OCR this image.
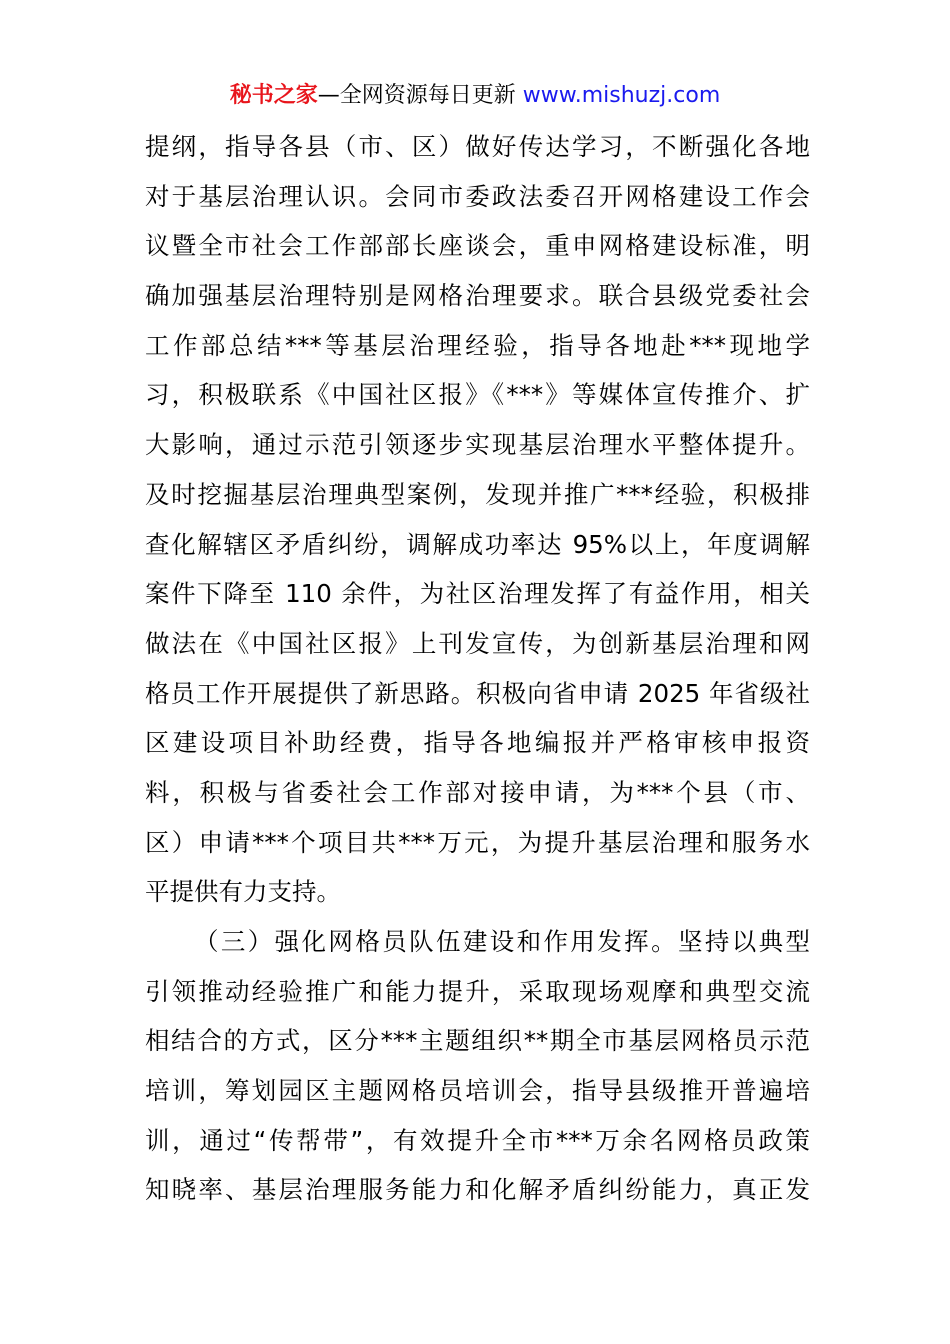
秘书之家—全网资源每日更新 www.mishuzj.com
提纲，指导各县（市、区）做好传达学习，不断强化各地
对于基层治理认识。会同市委政法委召开网格建设工作会
议暨全市社会工作部部长座谈会，重申网格建设标准，明
确加强基层治理特别是网格治理要求。联合县级党委社会
工作部总结***等基层治理经验，指导各地赴***现地学
习，积极联系《中国社区报》《***》等媒体宣传推介、扩
大影响，通过示范引领逐步实现基层治理水平整体提升。
及时挖掘基层治理典型案例，发现并推广***经验，积极排
查化解辖区矛盾纠纷，调解成功率达 95%以上，年度调解
案件下降至 110 余件，为社区治理发挥了有益作用，相关
做法在《中国社区报》上刊发宣传，为创新基层治理和网
格员工作开展提供了新思路。积极向省申请 2025 年省级社
区建设项目补助经费，指导各地编报并严格审核申报资
料，积极与省委社会工作部对接申请，为***个县（市、
区）申请***个项目共***万元，为提升基层治理和服务水
平提供有力支持。
（三）强化网格员队伍建设和作用发挥。坚持以典型
引领推动经验推广和能力提升，采取现场观摩和典型交流
相结合的方式，区分***主题组织**期全市基层网格员示范
培训，筹划园区主题网格员培训会，指导县级推开普遍培
训，通过“传帮带”，有效提升全市***万余名网格员政策
知晓率、基层治理服务能力和化解矛盾纠纷能力，真正发
